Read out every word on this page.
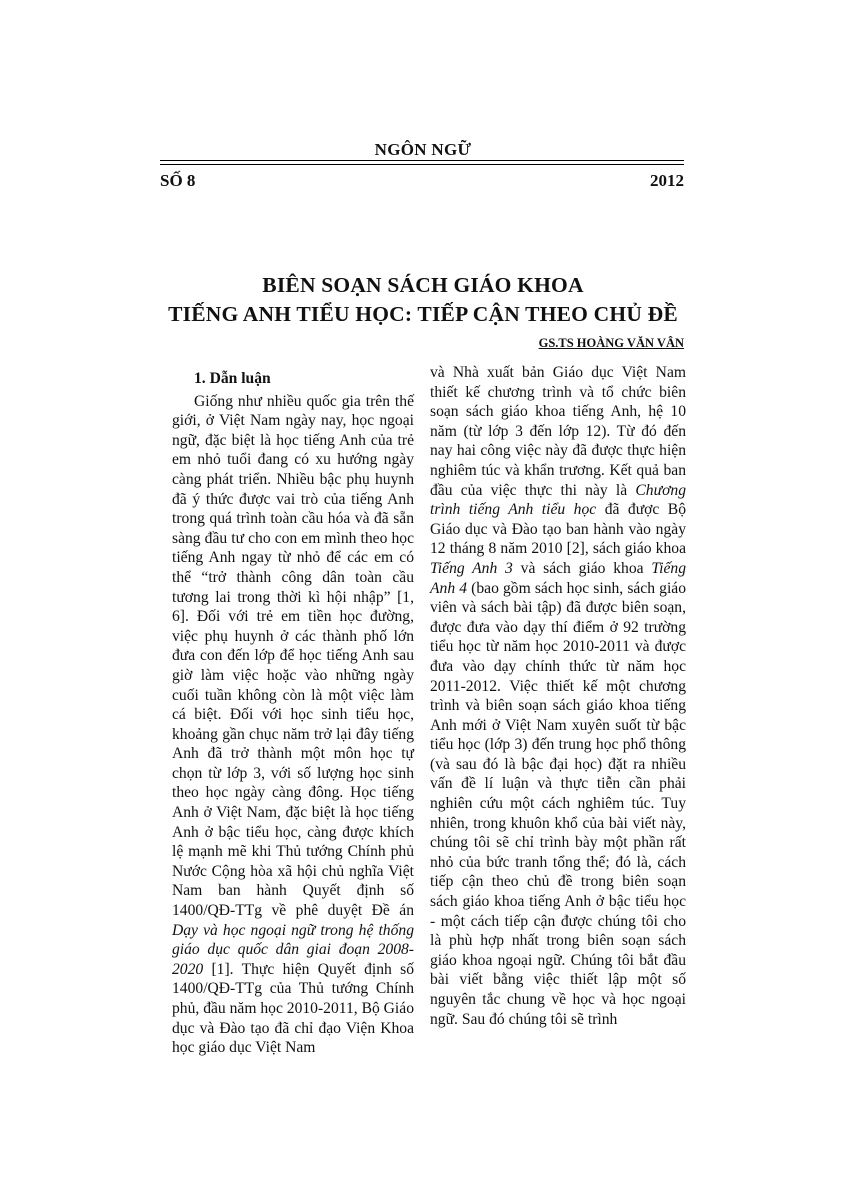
NGÔN NGỮ
SỐ 8	2012
BIÊN SOẠN SÁCH GIÁO KHOA
TIẾNG ANH TIỂU HỌC: TIẾP CẬN THEO CHỦ ĐỀ
GS.TS HOÀNG VĂN VÂN
1. Dẫn luận

Giống như nhiều quốc gia trên thế giới, ở Việt Nam ngày nay, học ngoại ngữ, đặc biệt là học tiếng Anh của trẻ em nhỏ tuổi đang có xu hướng ngày càng phát triển. Nhiều bậc phụ huynh đã ý thức được vai trò của tiếng Anh trong quá trình toàn cầu hóa và đã sẵn sàng đầu tư cho con em mình theo học tiếng Anh ngay từ nhỏ để các em có thể “trở thành công dân toàn cầu tương lai trong thời kì hội nhập” [1, 6]. Đối với trẻ em tiền học đường, việc phụ huynh ở các thành phố lớn đưa con đến lớp để học tiếng Anh sau giờ làm việc hoặc vào những ngày cuối tuần không còn là một việc làm cá biệt. Đối với học sinh tiểu học, khoảng gần chục năm trở lại đây tiếng Anh đã trở thành một môn học tự chọn từ lớp 3, với số lượng học sinh theo học ngày càng đông. Học tiếng Anh ở Việt Nam, đặc biệt là học tiếng Anh ở bậc tiểu học, càng được khích lệ mạnh mẽ khi Thủ tướng Chính phủ Nước Cộng hòa xã hội chủ nghĩa Việt Nam ban hành Quyết định số 1400/QĐ-TTg về phê duyệt Đề án Dạy và học ngoại ngữ trong hệ thống giáo dục quốc dân giai đoạn 2008-2020 [1]. Thực hiện Quyết định số 1400/QĐ-TTg của Thủ tướng Chính phủ, đầu năm học 2010-2011, Bộ Giáo dục và Đào tạo đã chỉ đạo Viện Khoa học giáo dục Việt Nam

và Nhà xuất bản Giáo dục Việt Nam thiết kế chương trình và tổ chức biên soạn sách giáo khoa tiếng Anh, hệ 10 năm (từ lớp 3 đến lớp 12). Từ đó đến nay hai công việc này đã được thực hiện nghiêm túc và khẩn trương. Kết quả ban đầu của việc thực thi này là Chương trình tiếng Anh tiểu học đã được Bộ Giáo dục và Đào tạo ban hành vào ngày 12 tháng 8 năm 2010 [2], sách giáo khoa Tiếng Anh 3 và sách giáo khoa Tiếng Anh 4 (bao gồm sách học sinh, sách giáo viên và sách bài tập) đã được biên soạn, được đưa vào dạy thí điểm ở 92 trường tiểu học từ năm học 2010-2011 và được đưa vào dạy chính thức từ năm học 2011-2012. Việc thiết kế một chương trình và biên soạn sách giáo khoa tiếng Anh mới ở Việt Nam xuyên suốt từ bậc tiểu học (lớp 3) đến trung học phổ thông (và sau đó là bậc đại học) đặt ra nhiều vấn đề lí luận và thực tiễn cần phải nghiên cứu một cách nghiêm túc. Tuy nhiên, trong khuôn khổ của bài viết này, chúng tôi sẽ chỉ trình bày một phần rất nhỏ của bức tranh tổng thể; đó là, cách tiếp cận theo chủ đề trong biên soạn sách giáo khoa tiếng Anh ở bậc tiểu học - một cách tiếp cận được chúng tôi cho là phù hợp nhất trong biên soạn sách giáo khoa ngoại ngữ. Chúng tôi bắt đầu bài viết bằng việc thiết lập một số nguyên tắc chung về học và học ngoại ngữ. Sau đó chúng tôi sẽ trình
